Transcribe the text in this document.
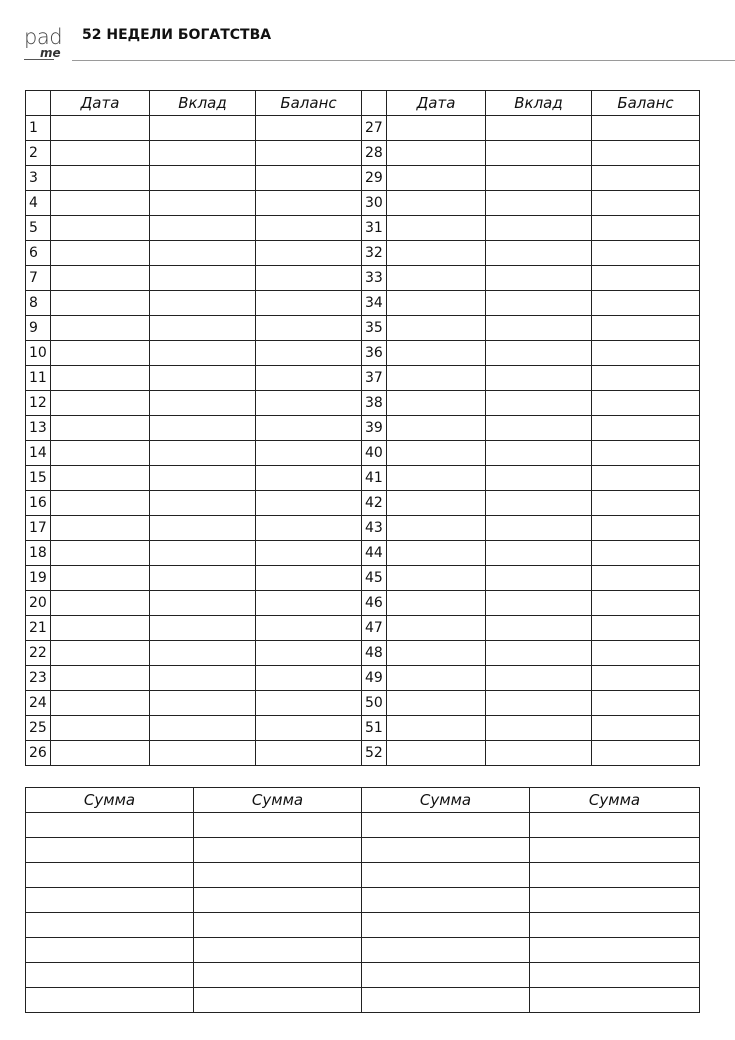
pad
me
52 НЕДЕЛИ БОГАТСТВА
	Дата	Вклад	Баланс		Дата	Вклад	Баланс
1				27			
2				28			
3				29			
4				30			
5				31			
6				32			
7				33			
8				34			
9				35			
10				36			
11				37			
12				38			
13				39			
14				40			
15				41			
16				42			
17				43			
18				44			
19				45			
20				46			
21				47			
22				48			
23				49			
24				50			
25				51			
26				52			
Сумма	Сумма	Сумма	Сумма
